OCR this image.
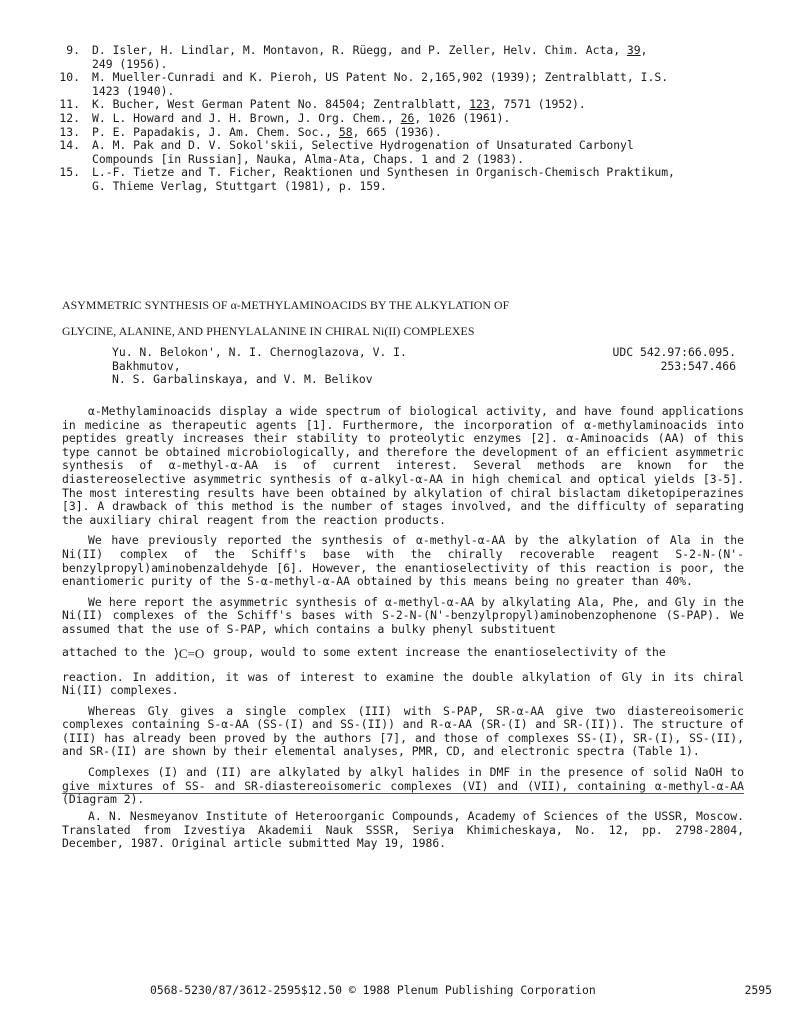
9.	D. Isler, H. Lindlar, M. Montavon, R. Rüegg, and P. Zeller, Helv. Chim. Acta, 39,
249 (1956).
10.	M. Mueller-Cunradi and K. Pieroh, US Patent No. 2,165,902 (1939); Zentralblatt, I.S.
1423 (1940).
11.	K. Bucher, West German Patent No. 84504; Zentralblatt, 123, 7571 (1952).
12.	W. L. Howard and J. H. Brown, J. Org. Chem., 26, 1026 (1961).
13.	P. E. Papadakis, J. Am. Chem. Soc., 58, 665 (1936).
14.	A. M. Pak and D. V. Sokol'skii, Selective Hydrogenation of Unsaturated Carbonyl
Compounds [in Russian], Nauka, Alma-Ata, Chaps. 1 and 2 (1983).
15.	L.-F. Tietze and T. Ficher, Reaktionen und Synthesen in Organisch-Chemisch Praktikum,
G. Thieme Verlag, Stuttgart (1981), p. 159.
ASYMMETRIC SYNTHESIS OF α-METHYLAMINOACIDS BY THE ALKYLATION OF
GLYCINE, ALANINE, AND PHENYLALANINE IN CHIRAL Ni(II) COMPLEXES
Yu. N. Belokon', N. I. Chernoglazova, V. I. Bakhmutov,
N. S. Garbalinskaya, and V. M. Belikov
UDC 542.97:66.095.
253:547.466

α-Methylaminoacids display a wide spectrum of biological activity, and have found applications in medicine as therapeutic agents [1]. Furthermore, the incorporation of α-methylaminoacids into peptides greatly increases their stability to proteolytic enzymes [2]. α-Aminoacids (AA) of this type cannot be obtained microbiologically, and therefore the development of an efficient asymmetric synthesis of α-methyl-α-AA is of current interest. Several methods are known for the diastereoselective asymmetric synthesis of α-alkyl-α-AA in high chemical and optical yields [3-5]. The most interesting results have been obtained by alkylation of chiral bislactam diketopiperazines [3]. A drawback of this method is the number of stages involved, and the difficulty of separating the auxiliary chiral reagent from the reaction products.

We have previously reported the synthesis of α-methyl-α-AA by the alkylation of Ala in the Ni(II) complex of the Schiff's base with the chirally recoverable reagent S-2-N-(N'-benzylpropyl)aminobenzaldehyde [6]. However, the enantioselectivity of this reaction is poor, the enantiomeric purity of the S-α-methyl-α-AA obtained by this means being no greater than 40%.

We here report the asymmetric synthesis of α-methyl-α-AA by alkylating Ala, Phe, and Gly in the Ni(II) complexes of the Schiff's bases with S-2-N-(N'-benzylpropyl)aminobenzophenone (S-PAP). We assumed that the use of S-PAP, which contains a bulky phenyl substituent

attached to the ⟩C=O group, would to some extent increase the enantioselectivity of the

reaction. In addition, it was of interest to examine the double alkylation of Gly in its chiral Ni(II) complexes.

Whereas Gly gives a single complex (III) with S-PAP, SR-α-AA give two diastereoisomeric complexes containing S-α-AA (SS-(I) and SS-(II)) and R-α-AA (SR-(I) and SR-(II)). The structure of (III) has already been proved by the authors [7], and those of complexes SS-(I), SR-(I), SS-(II), and SR-(II) are shown by their elemental analyses, PMR, CD, and electronic spectra (Table 1).

Complexes (I) and (II) are alkylated by alkyl halides in DMF in the presence of solid NaOH to give mixtures of SS- and SR-diastereoisomeric complexes (VI) and (VII), containing α-methyl-α-AA (Diagram 2).

A. N. Nesmeyanov Institute of Heteroorganic Compounds, Academy of Sciences of the USSR, Moscow. Translated from Izvestiya Akademii Nauk SSSR, Seriya Khimicheskaya, No. 12, pp. 2798-2804, December, 1987. Original article submitted May 19, 1986.

0568-5230/87/3612-2595$12.50 © 1988 Plenum Publishing Corporation	2595
